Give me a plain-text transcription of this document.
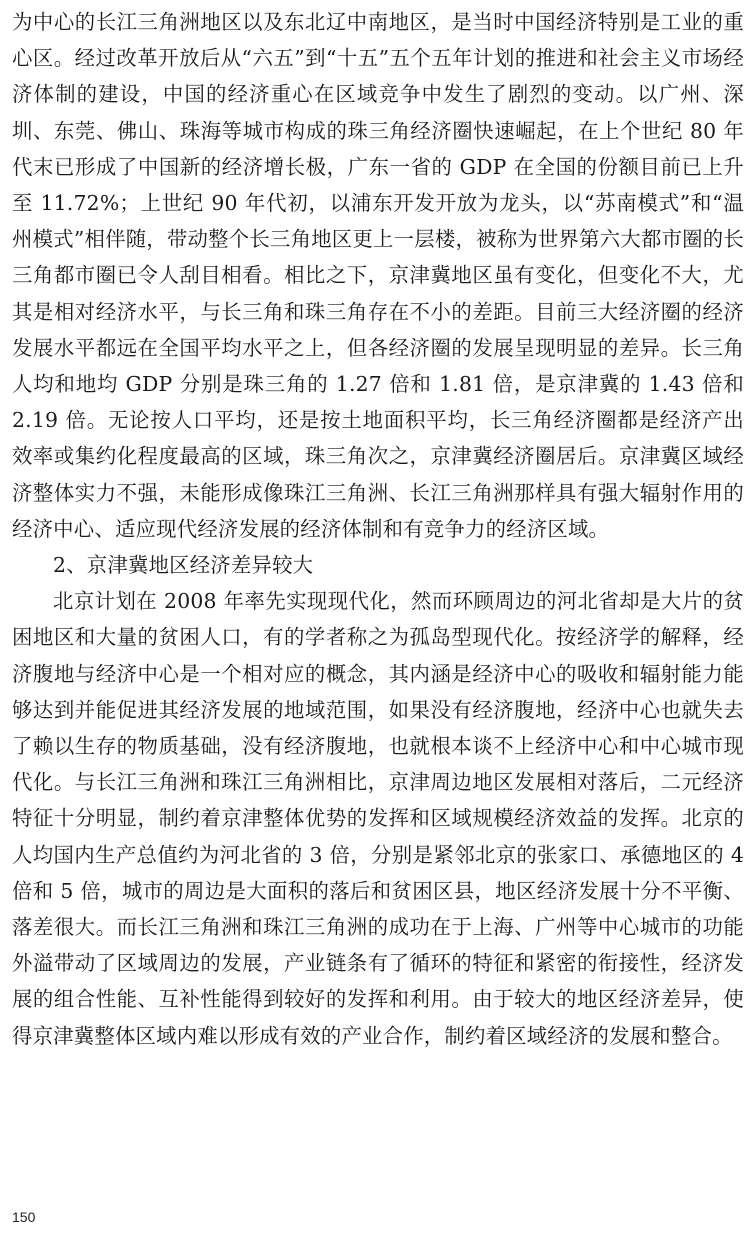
为中心的长江三角洲地区以及东北辽中南地区，是当时中国经济特别是工业的重心区。经过改革开放后从“六五”到“十五”五个五年计划的推进和社会主义市场经济体制的建设，中国的经济重心在区域竞争中发生了剧烈的变动。以广州、深圳、东莞、佛山、珠海等城市构成的珠三角经济圈快速崛起，在上个世纪 80 年代末已形成了中国新的经济增长极，广东一省的 GDP 在全国的份额目前已上升至 11.72%；上世纪 90 年代初，以浦东开发开放为龙头，以“苏南模式”和“温州模式”相伴随，带动整个长三角地区更上一层楼，被称为世界第六大都市圈的长三角都市圈已令人刮目相看。相比之下，京津冀地区虽有变化，但变化不大，尤其是相对经济水平，与长三角和珠三角存在不小的差距。目前三大经济圈的经济发展水平都远在全国平均水平之上，但各经济圈的发展呈现明显的差异。长三角人均和地均 GDP 分别是珠三角的 1.27 倍和 1.81 倍，是京津冀的 1.43 倍和 2.19 倍。无论按人口平均，还是按土地面积平均，长三角经济圈都是经济产出效率或集约化程度最高的区域，珠三角次之，京津冀经济圈居后。京津冀区域经济整体实力不强，未能形成像珠江三角洲、长江三角洲那样具有强大辐射作用的经济中心、适应现代经济发展的经济体制和有竞争力的经济区域。

2、京津冀地区经济差异较大

北京计划在 2008 年率先实现现代化，然而环顾周边的河北省却是大片的贫困地区和大量的贫困人口，有的学者称之为孤岛型现代化。按经济学的解释，经济腹地与经济中心是一个相对应的概念，其内涵是经济中心的吸收和辐射能力能够达到并能促进其经济发展的地域范围，如果没有经济腹地，经济中心也就失去了赖以生存的物质基础，没有经济腹地，也就根本谈不上经济中心和中心城市现代化。与长江三角洲和珠江三角洲相比，京津周边地区发展相对落后，二元经济特征十分明显，制约着京津整体优势的发挥和区域规模经济效益的发挥。北京的人均国内生产总值约为河北省的 3 倍，分别是紧邻北京的张家口、承德地区的 4 倍和 5 倍，城市的周边是大面积的落后和贫困区县，地区经济发展十分不平衡、落差很大。而长江三角洲和珠江三角洲的成功在于上海、广州等中心城市的功能外溢带动了区域周边的发展，产业链条有了循环的特征和紧密的衔接性，经济发展的组合性能、互补性能得到较好的发挥和利用。由于较大的地区经济差异，使得京津冀整体区域内难以形成有效的产业合作，制约着区域经济的发展和整合。

150
